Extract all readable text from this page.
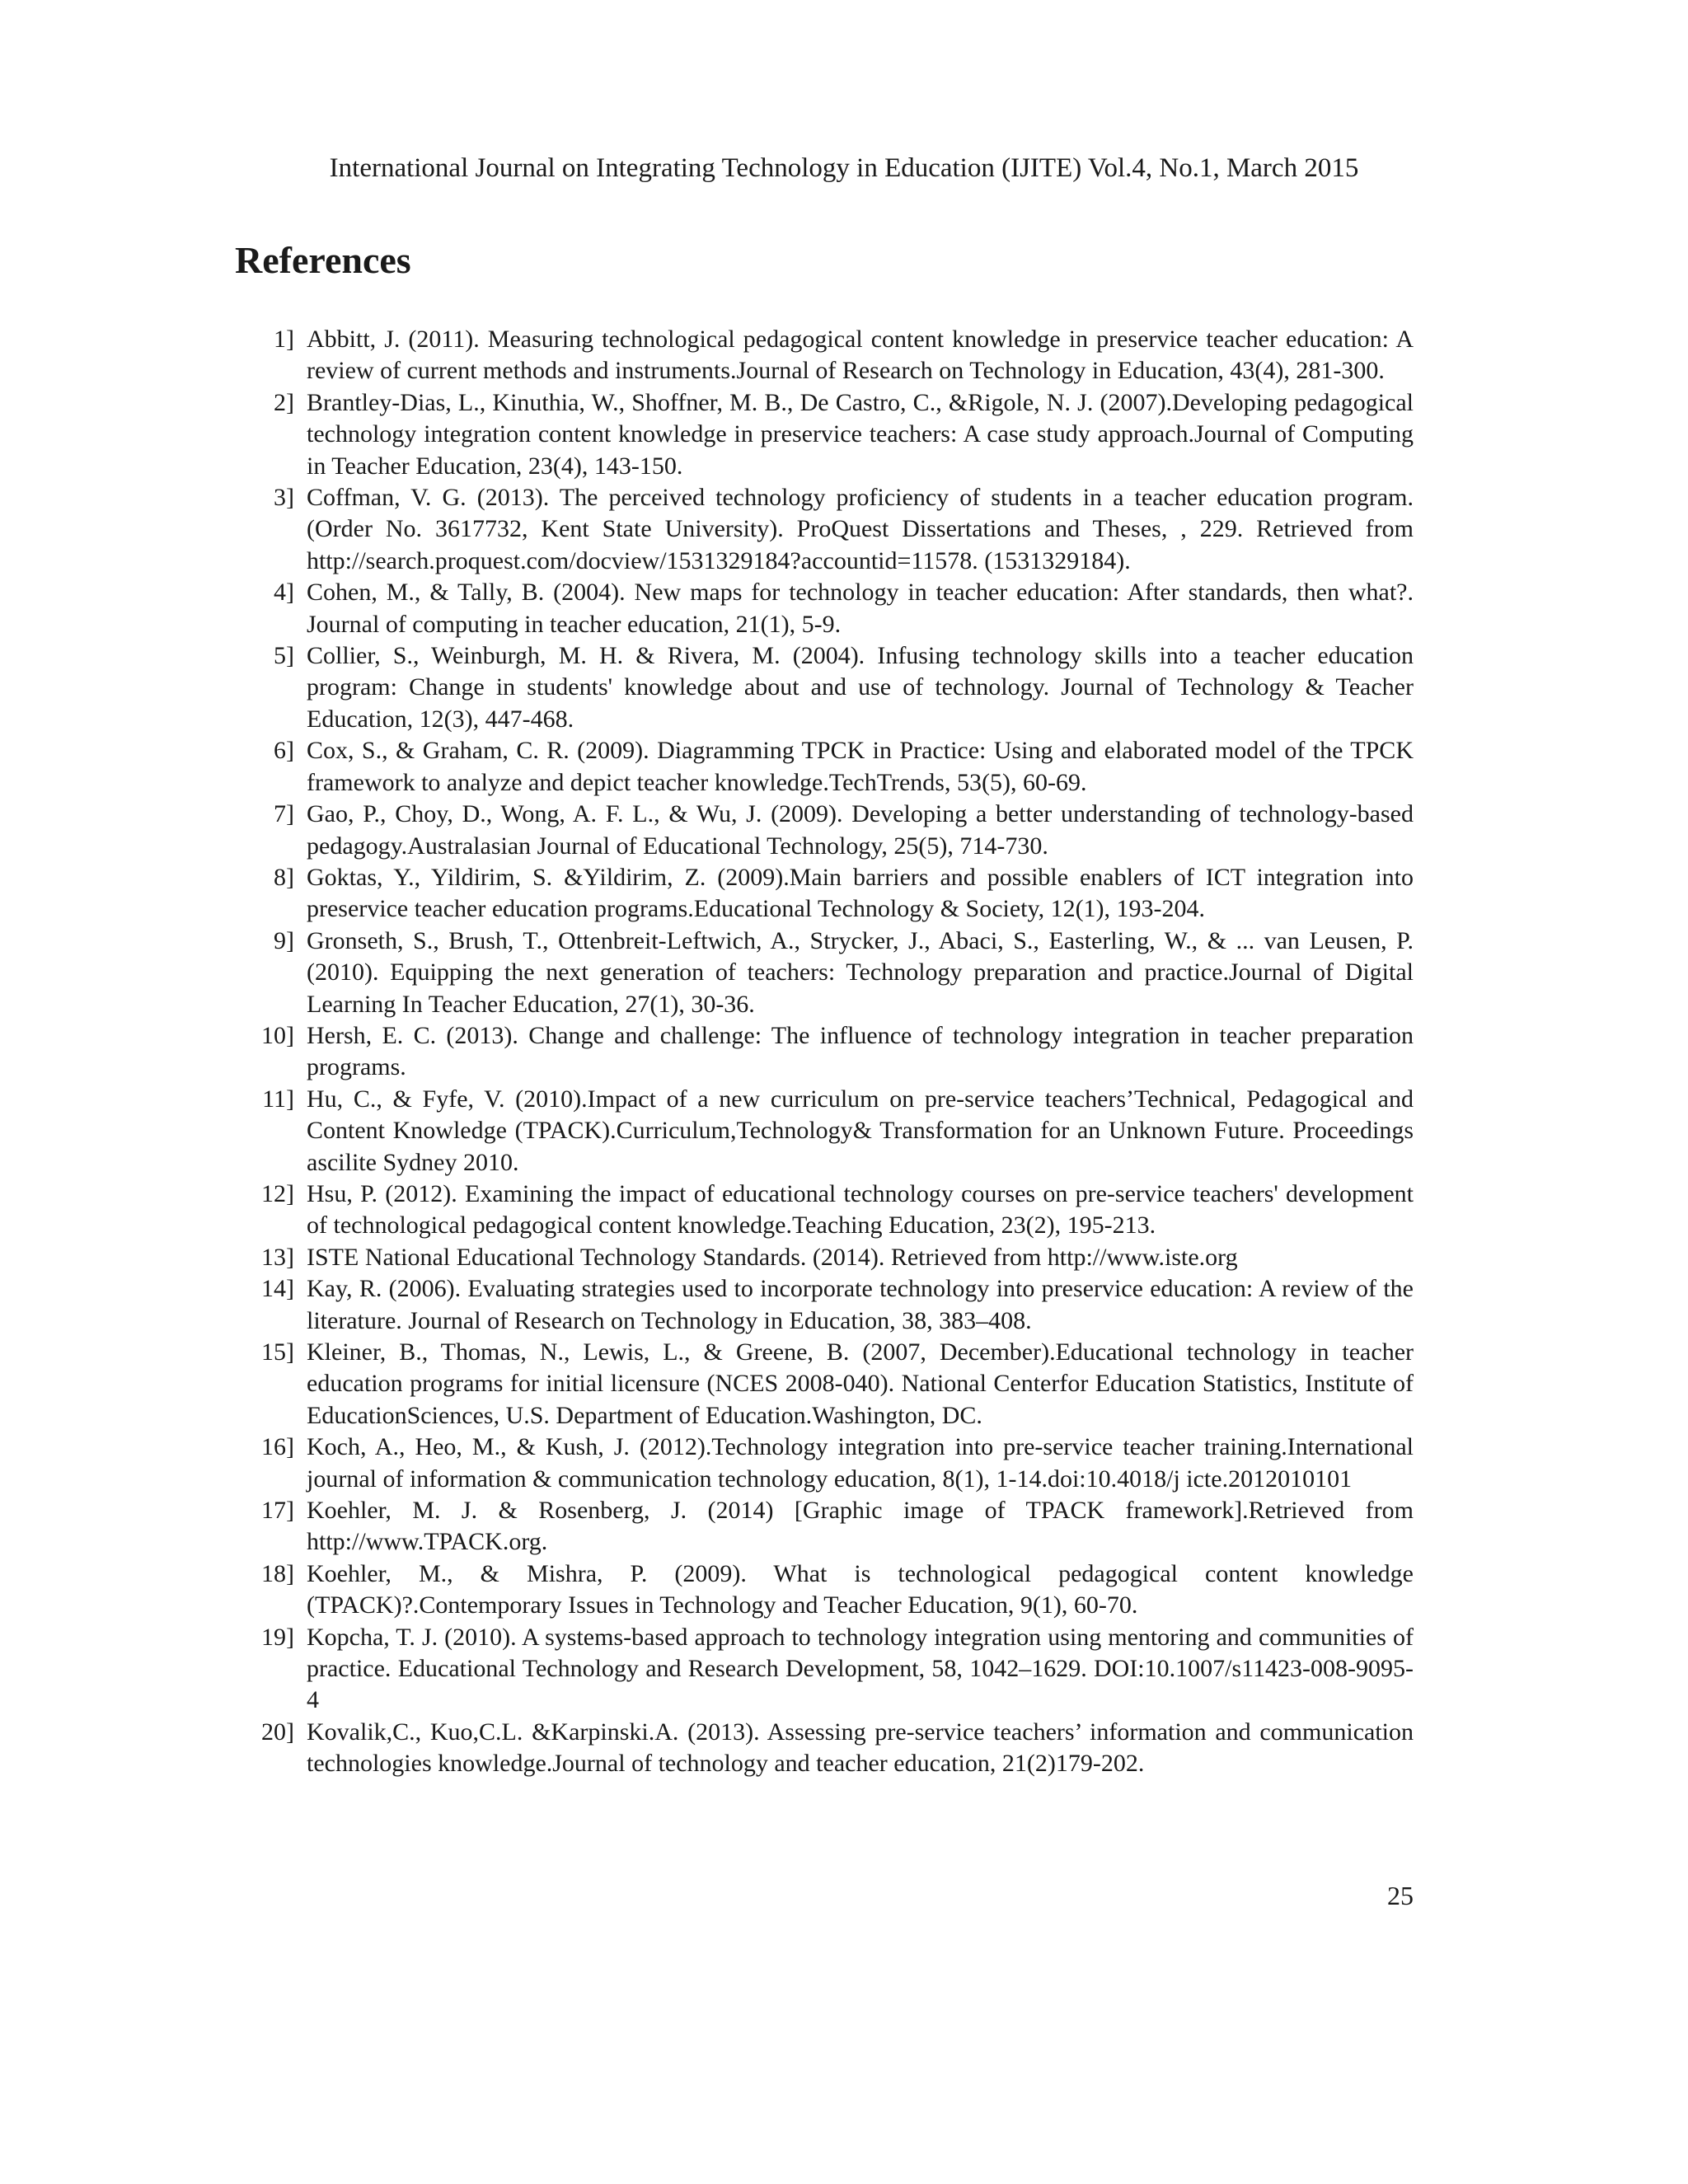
International Journal on Integrating Technology in Education (IJITE) Vol.4, No.1, March 2015
References
1] Abbitt, J. (2011). Measuring technological pedagogical content knowledge in preservice teacher education: A review of current methods and instruments.Journal of Research on Technology in Education, 43(4), 281-300.
2] Brantley-Dias, L., Kinuthia, W., Shoffner, M. B., De Castro, C., &Rigole, N. J. (2007).Developing pedagogical technology integration content knowledge in preservice teachers: A case study approach.Journal of Computing in Teacher Education, 23(4), 143-150.
3] Coffman, V. G. (2013). The perceived technology proficiency of students in a teacher education program. (Order No. 3617732, Kent State University). ProQuest Dissertations and Theses, , 229. Retrieved from http://search.proquest.com/docview/1531329184?accountid=11578. (1531329184).
4] Cohen, M., & Tally, B. (2004). New maps for technology in teacher education: After standards, then what?. Journal of computing in teacher education, 21(1), 5-9.
5] Collier, S., Weinburgh, M. H. & Rivera, M. (2004). Infusing technology skills into a teacher education program: Change in students' knowledge about and use of technology. Journal of Technology & Teacher Education, 12(3), 447-468.
6] Cox, S., & Graham, C. R. (2009). Diagramming TPCK in Practice: Using and elaborated model of the TPCK framework to analyze and depict teacher knowledge.TechTrends, 53(5), 60-69.
7] Gao, P., Choy, D., Wong, A. F. L., & Wu, J. (2009). Developing a better understanding of technology-based pedagogy.Australasian Journal of Educational Technology, 25(5), 714-730.
8] Goktas, Y., Yildirim, S. &Yildirim, Z. (2009).Main barriers and possible enablers of ICT integration into preservice teacher education programs.Educational Technology & Society, 12(1), 193-204.
9] Gronseth, S., Brush, T., Ottenbreit-Leftwich, A., Strycker, J., Abaci, S., Easterling, W., & ... van Leusen, P. (2010). Equipping the next generation of teachers: Technology preparation and practice.Journal of Digital Learning In Teacher Education, 27(1), 30-36.
10] Hersh, E. C. (2013). Change and challenge: The influence of technology integration in teacher preparation programs.
11] Hu, C., & Fyfe, V. (2010).Impact of a new curriculum on pre-service teachers’Technical, Pedagogical and Content Knowledge (TPACK).Curriculum,Technology& Transformation for an Unknown Future. Proceedings ascilite Sydney 2010.
12] Hsu, P. (2012). Examining the impact of educational technology courses on pre-service teachers' development of technological pedagogical content knowledge.Teaching Education, 23(2), 195-213.
13] ISTE National Educational Technology Standards. (2014). Retrieved from http://www.iste.org
14] Kay, R. (2006). Evaluating strategies used to incorporate technology into preservice education: A review of the literature. Journal of Research on Technology in Education, 38, 383–408.
15] Kleiner, B., Thomas, N., Lewis, L., & Greene, B. (2007, December).Educational technology in teacher education programs for initial licensure (NCES 2008-040). National Centerfor Education Statistics, Institute of EducationSciences, U.S. Department of Education.Washington, DC.
16] Koch, A., Heo, M., & Kush, J. (2012).Technology integration into pre-service teacher training.International journal of information & communication technology education, 8(1), 1-14.doi:10.4018/j icte.2012010101
17] Koehler, M. J. & Rosenberg, J. (2014) [Graphic image of TPACK framework].Retrieved from http://www.TPACK.org.
18] Koehler, M., & Mishra, P. (2009). What is technological pedagogical content knowledge (TPACK)?.Contemporary Issues in Technology and Teacher Education, 9(1), 60-70.
19] Kopcha, T. J. (2010). A systems-based approach to technology integration using mentoring and communities of practice. Educational Technology and Research Development, 58, 1042–1629. DOI:10.1007/s11423-008-9095-4
20] Kovalik,C., Kuo,C.L. &Karpinski.A. (2013). Assessing pre-service teachers’ information and communication technologies knowledge.Journal of technology and teacher education, 21(2)179-202.
25
